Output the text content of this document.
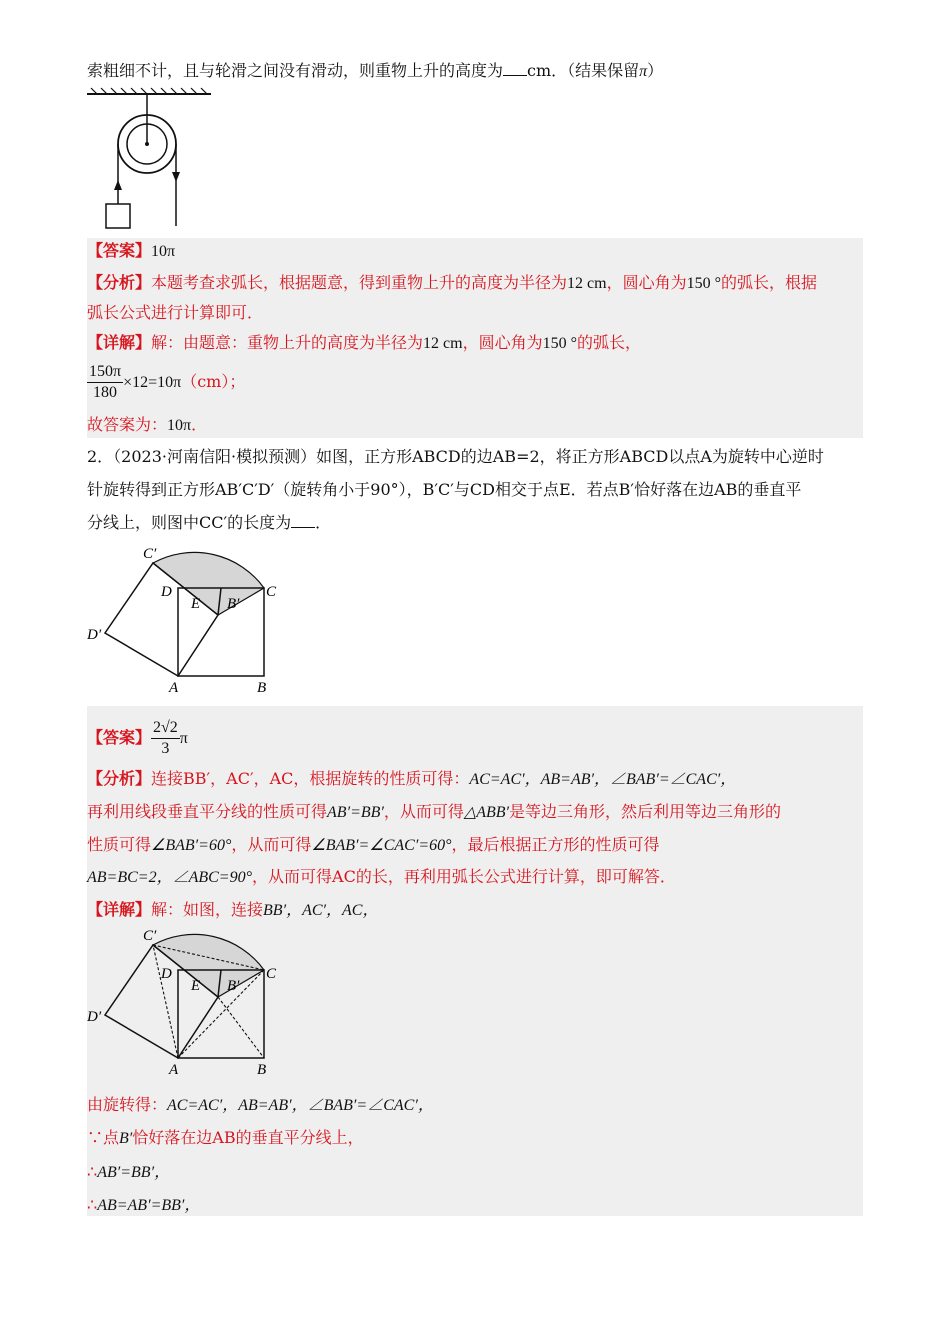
索粗细不计，且与轮滑之间没有滑动，则重物上升的高度为 cm．（结果保留π）
【答案】10π
【分析】本题考查求弧长，根据题意，得到重物上升的高度为半径为12 cm，圆心角为150 °的弧长，根据
弧长公式进行计算即可．
【详解】解：由题意：重物上升的高度为半径为12 cm，圆心角为150 °的弧长，
$\frac{150\pi}{180} \times 12=10\pi(cm)$；
故答案为：10π．
2．（2023·河南信阳·模拟预测）如图，正方形ABCD的边AB=2，将正方形ABCD以点A为旋转中心逆时
针旋转得到正方形AB′C′D′（旋转角小于90°），B′C′与CD相交于点E．若点B′恰好落在边AB的垂直平
分线上，则图中CC′的长度为 ．
C′
D
E B′
C
D′
A	B
【答案】 $\frac{2√2}{3}$ π
【分析】连接BB′，AC′，AC，根据旋转的性质可得：AC=AC′，AB=AB′，∠BAB′=∠CAC′，
再利用线段垂直平分线的性质可得AB′=BB′，从而可得△ABB′是等边三角形，然后利用等边三角形的
性质可得∠BAB′=60°，从而可得∠BAB′=∠CAC′=60°，最后根据正方形的性质可得
AB=BC=2，∠ABC=90°，从而可得AC的长，再利用弧长公式进行计算，即可解答．
【详解】解：如图，连接BB′，AC′，AC，
C′
D
E B′
C
D′
A	B
由旋转得：AC=AC′，AB=AB′，∠BAB′=∠CAC′，
∵点B′恰好落在边AB的垂直平分线上，
∴AB′=BB′，
∴AB=AB′=BB′，
